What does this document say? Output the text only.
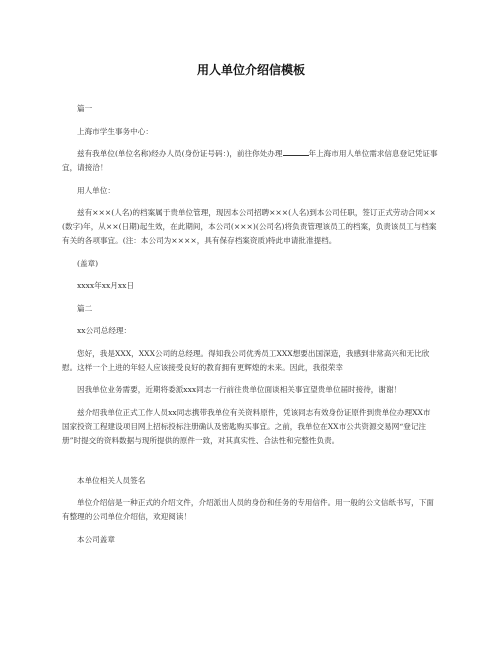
用人单位介绍信模板

篇一

上海市学生事务中心：

兹有我单位(单位名称)经办人员(身份证号码：)，前往你处办理	年上海市用人单位需求信息登记凭证事宜，请接洽！

用人单位：

兹有×××(人名)的档案属于贵单位管理，现因本公司招聘×××(人名)到本公司任职，签订正式劳动合同××(数字)年，从××(日期)起生效，在此期间，本公司(×××)(公司名)将负责管理该员工的档案，负责该员工与档案有关的各项事宜。(注：本公司为××××，具有保存档案资质)特此申请批准提档。

(盖章)

xxxx年xx月xx日

篇二

xx公司总经理：

您好，我是XXX，XXX公司的总经理。得知我公司优秀员工XXX想要出国深造，我感到非常高兴和无比欣慰。这样一个上进的年轻人应该接受良好的教育拥有更辉煌的未来。因此，我很荣幸

因我单位业务需要，近期将委派xxx同志一行前往贵单位面谈相关事宜望贵单位届时接待，谢谢！

兹介绍我单位正式工作人员xx同志携带我单位有关资料原件，凭该同志有效身份证原件到贵单位办理XX市国家投资工程建设项目网上招标投标注册确认及密匙购买事宜。之前，我单位在XX市公共资源交易网“登记注册”时提交的资料数据与现所提供的原件一致，对其真实性、合法性和完整性负责。

本单位相关人员签名

单位介绍信是一种正式的介绍文件，介绍派出人员的身份和任务的专用信件。用一般的公文信纸书写，下面有整理的公司单位介绍信，欢迎阅读！

本公司盖章
